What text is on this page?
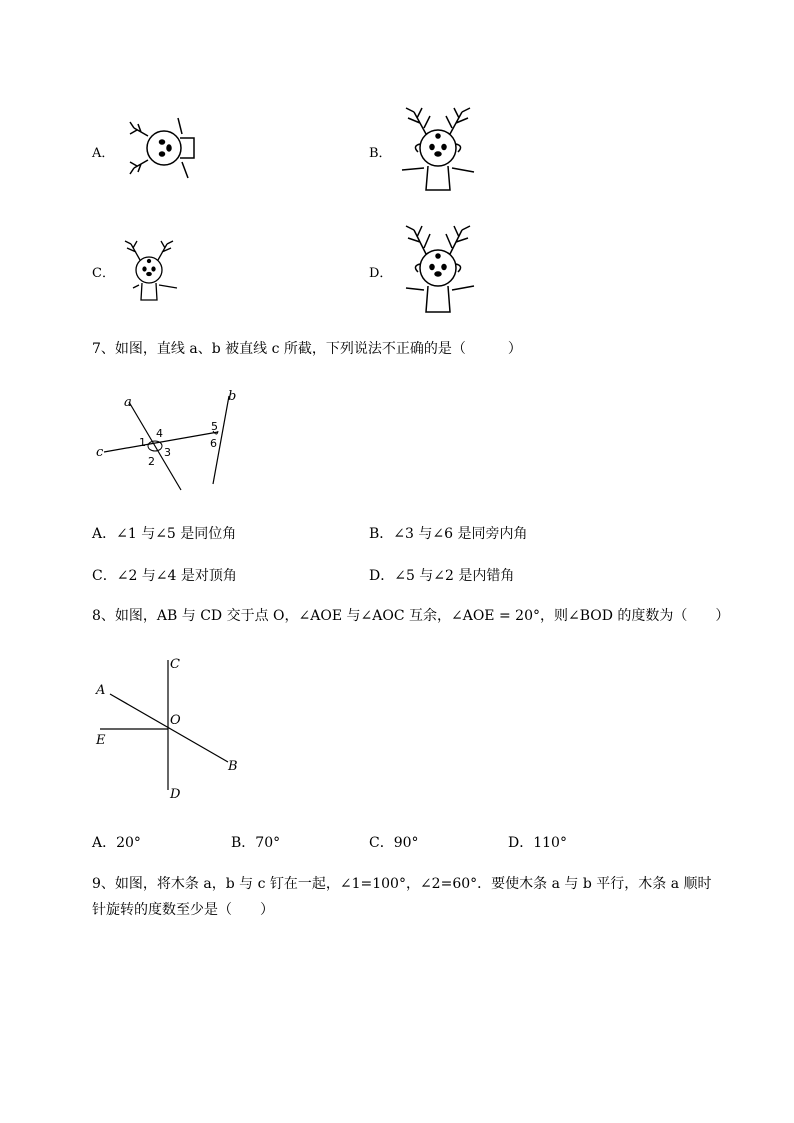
A．	B．
C．	D．
7、如图，直线 a、b 被直线 c 所截，下列说法不正确的是（　　　）
a	b
c
1
2
3
4
5
6
A．∠1 与∠5 是同位角	B．∠3 与∠6 是同旁内角
C．∠2 与∠4 是对顶角	D．∠5 与∠2 是内错角
8、如图，AB 与 CD 交于点 O，∠AOE 与∠AOC 互余，∠AOE = 20°，则∠BOD 的度数为（　　）
C
A
O
E
B
D
A．20°	B．70°	C．90°	D．110°
9、如图，将木条 a，b 与 c 钉在一起，∠1=100°，∠2=60°．要使木条 a 与 b 平行，木条 a 顺时
针旋转的度数至少是（　　）
